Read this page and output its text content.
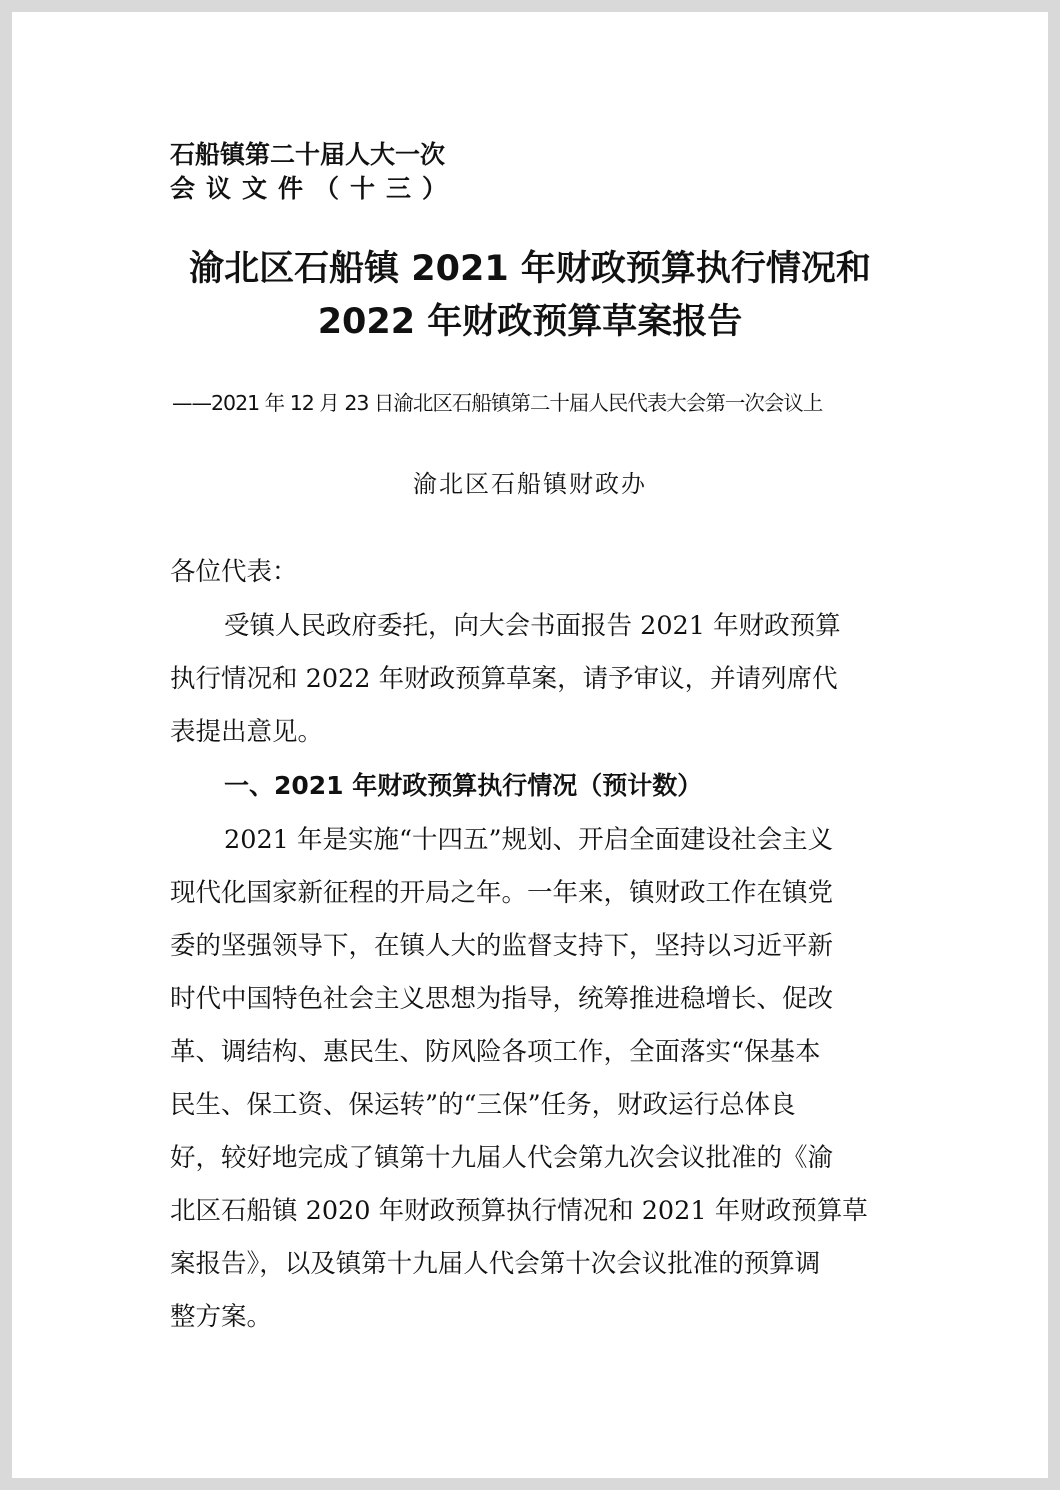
石船镇第二十届人大一次
会议文件（十三）
渝北区石船镇 2021 年财政预算执行情况和
2022 年财政预算草案报告
——2021 年 12 月 23 日渝北区石船镇第二十届人民代表大会第一次会议上
渝北区石船镇财政办
各位代表：
受镇人民政府委托，向大会书面报告 2021 年财政预算
执行情况和 2022 年财政预算草案，请予审议，并请列席代
表提出意见。
一、2021 年财政预算执行情况（预计数）
2021 年是实施“十四五”规划、开启全面建设社会主义
现代化国家新征程的开局之年。一年来，镇财政工作在镇党
委的坚强领导下，在镇人大的监督支持下，坚持以习近平新
时代中国特色社会主义思想为指导，统筹推进稳增长、促改
革、调结构、惠民生、防风险各项工作，全面落实“保基本
民生、保工资、保运转”的“三保”任务，财政运行总体良
好，较好地完成了镇第十九届人代会第九次会议批准的《渝
北区石船镇 2020 年财政预算执行情况和 2021 年财政预算草
案报告》，以及镇第十九届人代会第十次会议批准的预算调
整方案。
